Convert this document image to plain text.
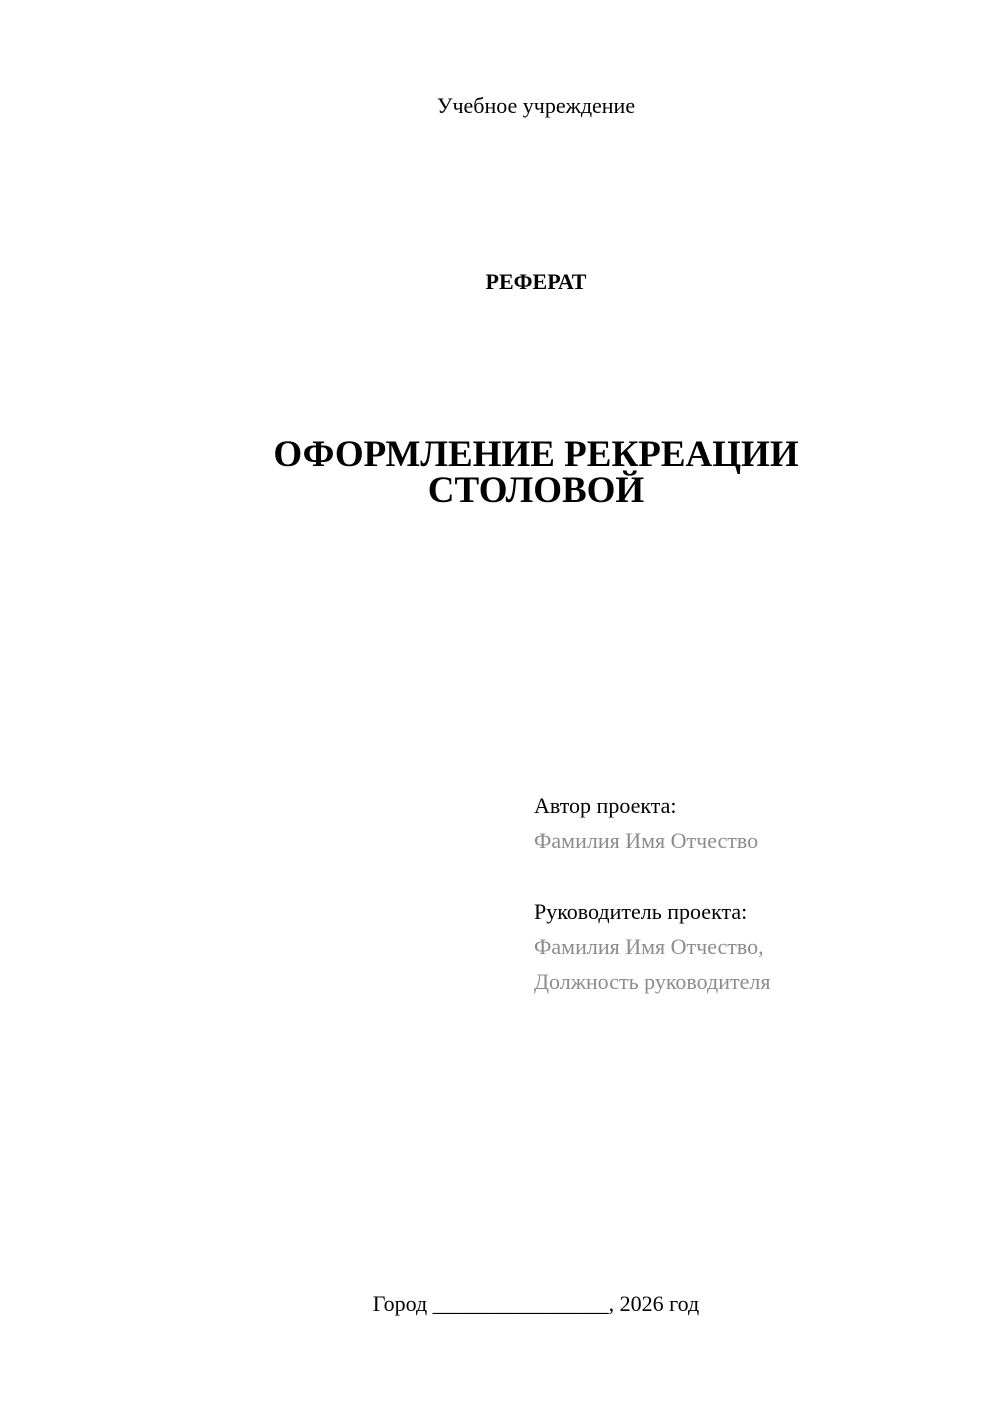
Учебное учреждение
РЕФЕРАТ
ОФОРМЛЕНИЕ РЕКРЕАЦИИ
СТОЛОВОЙ
Автор проекта:
Фамилия Имя Отчество
Руководитель проекта:
Фамилия Имя Отчество,
Должность руководителя
Город ________________, 2026 год
